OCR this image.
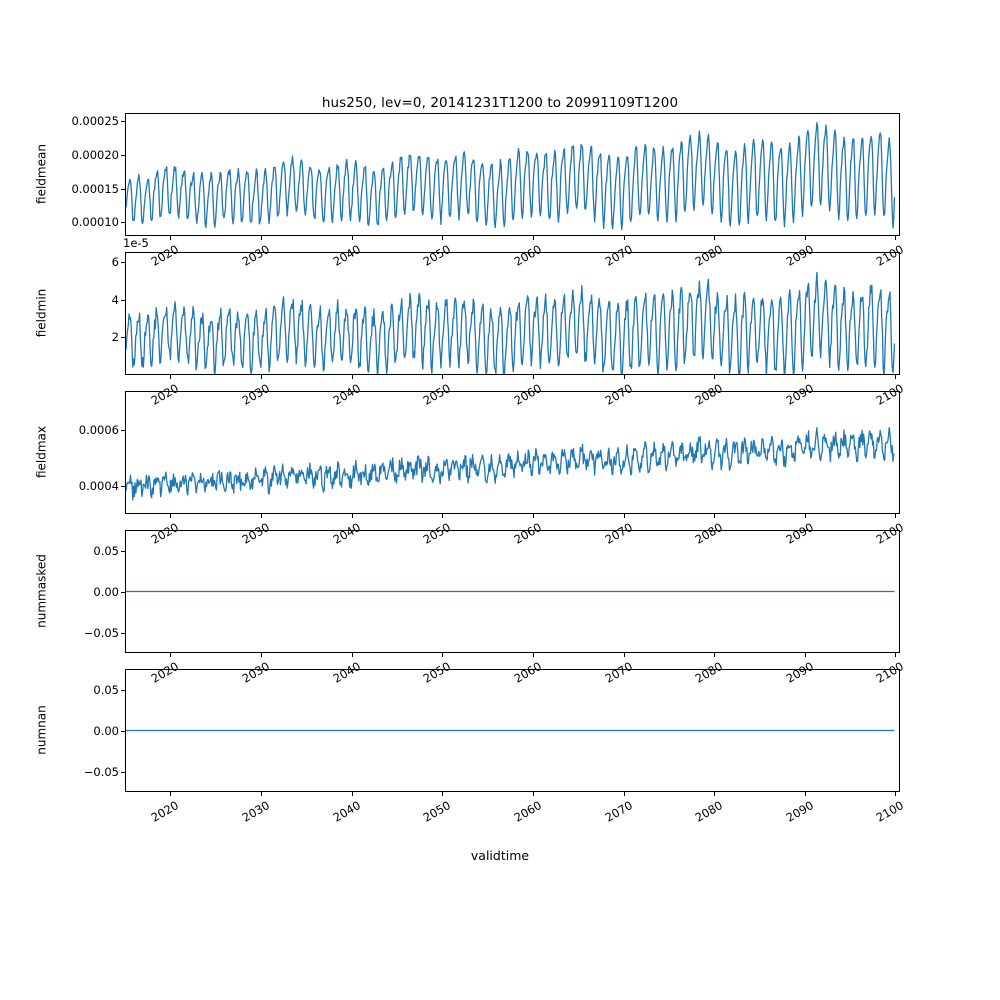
hus250, lev=0, 20141231T1200 to 20991109T1200
validtime
fieldmean
0.00010
0.00015
0.00020
0.00025
2020	2030	2040	2050	2060	2070	2080	2090	2100
fieldmin
2
4
6
1e-5
2020	2030	2040	2050	2060	2070	2080	2090	2100
fieldmax
0.0004
0.0006
2020	2030	2040	2050	2060	2070	2080	2090	2100
nummasked
−0.05
0.00
0.05
2020	2030	2040	2050	2060	2070	2080	2090	2100
numnan
−0.05
0.00
0.05
2020	2030	2040	2050	2060	2070	2080	2090	2100
